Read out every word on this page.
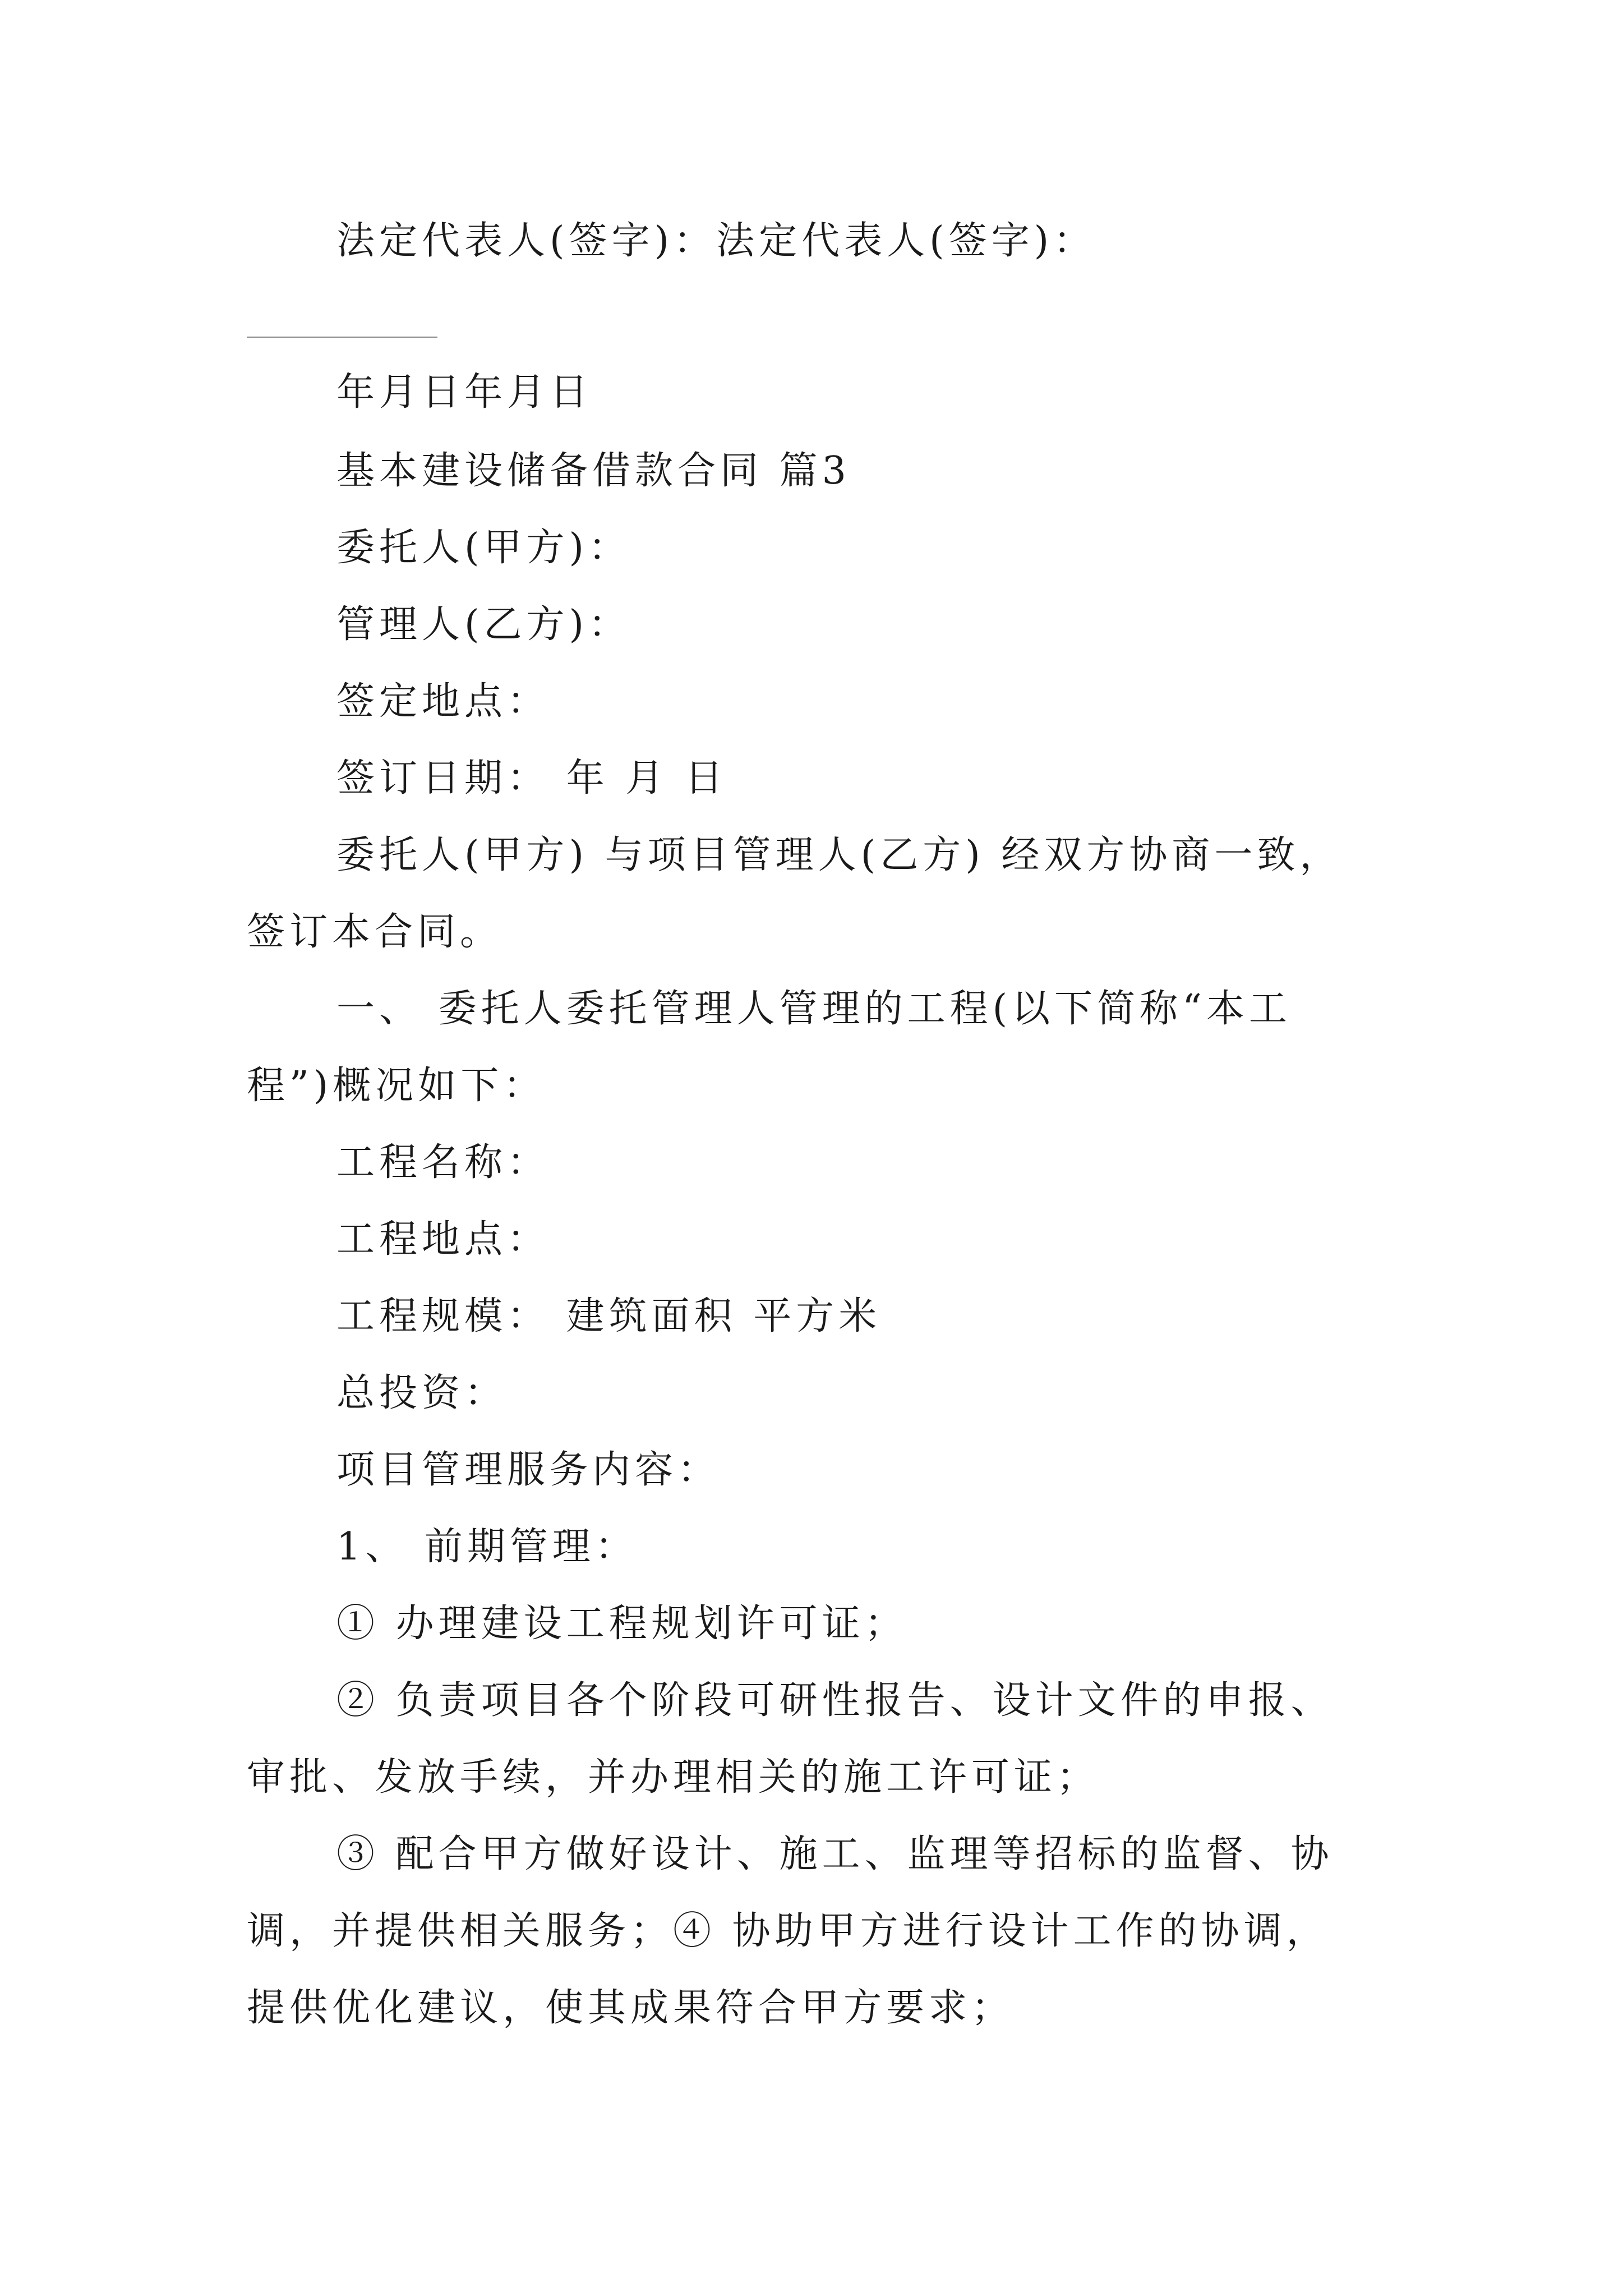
法定代表人(签字)：法定代表人(签字)：
年月日年月日
基本建设储备借款合同 篇3
委托人(甲方)：
管理人(乙方)：
签定地点：
签订日期： 年 月 日
委托人(甲方) 与项目管理人(乙方) 经双方协商一致，
签订本合同。
一、 委托人委托管理人管理的工程(以下简称“本工
程”)概况如下：
工程名称：
工程地点：
工程规模： 建筑面积 平方米
总投资：
项目管理服务内容：
1、 前期管理：
① 办理建设工程规划许可证；
② 负责项目各个阶段可研性报告、设计文件的申报、
审批、发放手续，并办理相关的施工许可证；
③ 配合甲方做好设计、施工、监理等招标的监督、协
调，并提供相关服务；④ 协助甲方进行设计工作的协调，
提供优化建议，使其成果符合甲方要求；
